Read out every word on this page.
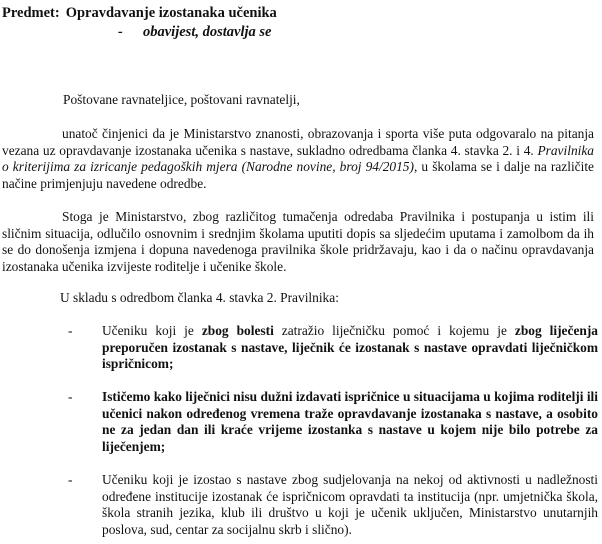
Predmet: Opravdavanje izostanaka učenika
- obavijest, dostavlja se
Poštovane ravnateljice, poštovani ravnatelji,
unatoč činjenici da je Ministarstvo znanosti, obrazovanja i sporta više puta odgovaralo na pitanja vezana uz opravdavanje izostanaka učenika s nastave, sukladno odredbama članka 4. stavka 2. i 4. Pravilnika o kriterijima za izricanje pedagoških mjera (Narodne novine, broj 94/2015), u školama se i dalje na različite načine primjenjuju navedene odredbe.
Stoga je Ministarstvo, zbog različitog tumačenja odredaba Pravilnika i postupanja u istim ili sličnim situacija, odlučilo osnovnim i srednjim školama uputiti dopis sa sljedećim uputama i zamolbom da ih se do donošenja izmjena i dopuna navedenoga pravilnika škole pridržavaju, kao i da o načinu opravdavanja izostanaka učenika izvijeste roditelje i učenike škole.
U skladu s odredbom članka 4. stavka 2. Pravilnika:
-	Učeniku koji je zbog bolesti zatražio liječničku pomoć i kojemu je zbog liječenja preporučen izostanak s nastave, liječnik će izostanak s nastave opravdati liječničkom ispričnicom;
-	Ističemo kako liječnici nisu dužni izdavati ispričnice u situacijama u kojima roditelji ili učenici nakon određenog vremena traže opravdavanje izostanaka s nastave, a osobito ne za jedan dan ili kraće vrijeme izostanka s nastave u kojem nije bilo potrebe za liječenjem;
-	Učeniku koji je izostao s nastave zbog sudjelovanja na nekoj od aktivnosti u nadležnosti određene institucije izostanak će ispričnicom opravdati ta institucija (npr. umjetnička škola, škola stranih jezika, klub ili društvo u koji je učenik uključen, Ministarstvo unutarnjih poslova, sud, centar za socijalnu skrb i slično).
